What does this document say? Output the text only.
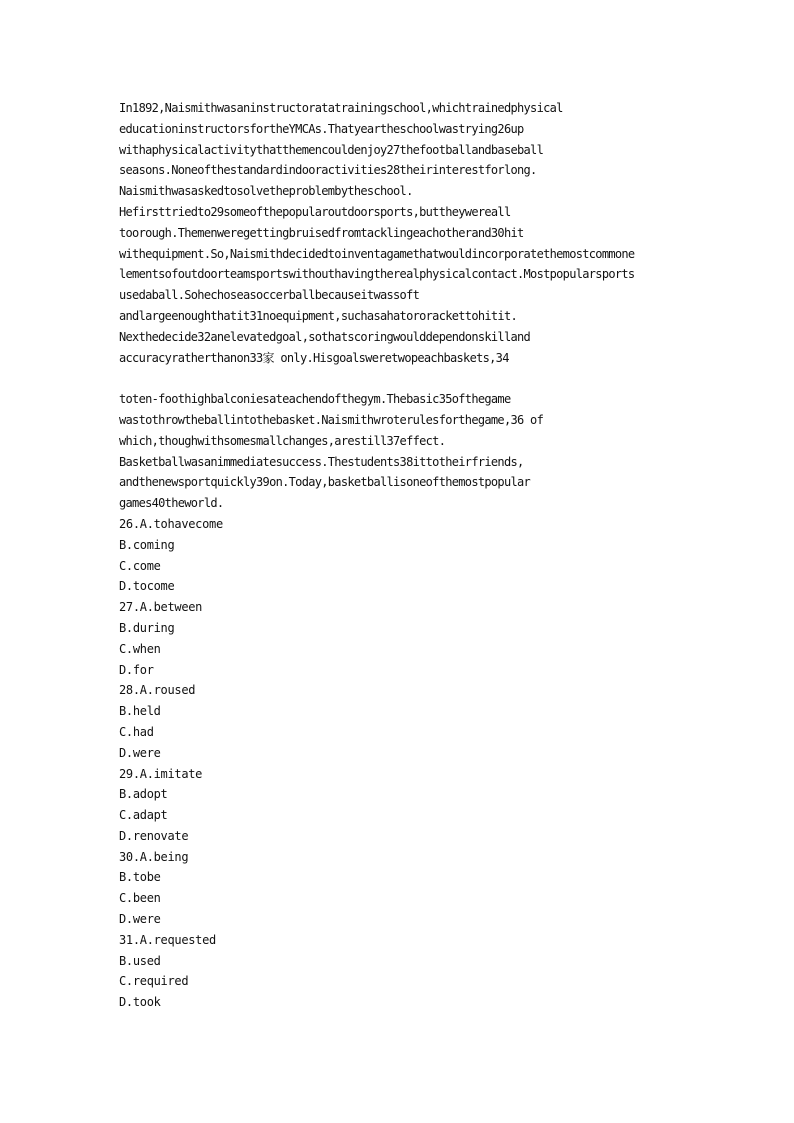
In1892,Naismithwasaninstructoratatrainingschool,whichtrainedphysical
educationinstructorsfortheYMCAs.Thatyeartheschoolwastrying26up
withaphysicalactivitythatthemencouldenjoy27thefootballandbaseball
seasons.Noneofthestandardindooractivities28theirinterestforlong.
Naismithwasaskedtosolvetheproblembytheschool.
Hefirsttriedto29someofthepopularoutdoorsports,buttheywereall
toorough.Themenweregettingbruisedfromtacklingeachotherand30hit
withequipment.So,Naismithdecidedtoinventagamethatwouldincorporatethemostcommone
lementsofoutdoorteamsportswithouthavingtherealphysicalcontact.Mostpopularsports
usedaball.Sohechoseasoccerballbecauseitwassoft
andlargeenoughthatit31noequipment,suchasahatororackettohitit.
Nexthedecide32anelevatedgoal,sothatscoringwoulddependonskilland
accuracyratherthanon33家 only.Hisgoalsweretwopeachbaskets,34
toten-foothighbalconiesateachendofthegym.Thebasic35ofthegame
wastothrowtheballintothebasket.Naismithwroterulesforthegame,36 of
which,thoughwithsomesmallchanges,arestill37effect.
Basketballwasanimmediatesuccess.Thestudents38ittotheirfriends,
andthenewsportquickly39on.Today,basketballisoneofthemostpopular
games40theworld.
26.A.tohavecome
B.coming
C.come
D.tocome
27.A.between
B.during
C.when
D.for
28.A.roused
B.held
C.had
D.were
29.A.imitate
B.adopt
C.adapt
D.renovate
30.A.being
B.tobe
C.been
D.were
31.A.requested
B.used
C.required
D.took
